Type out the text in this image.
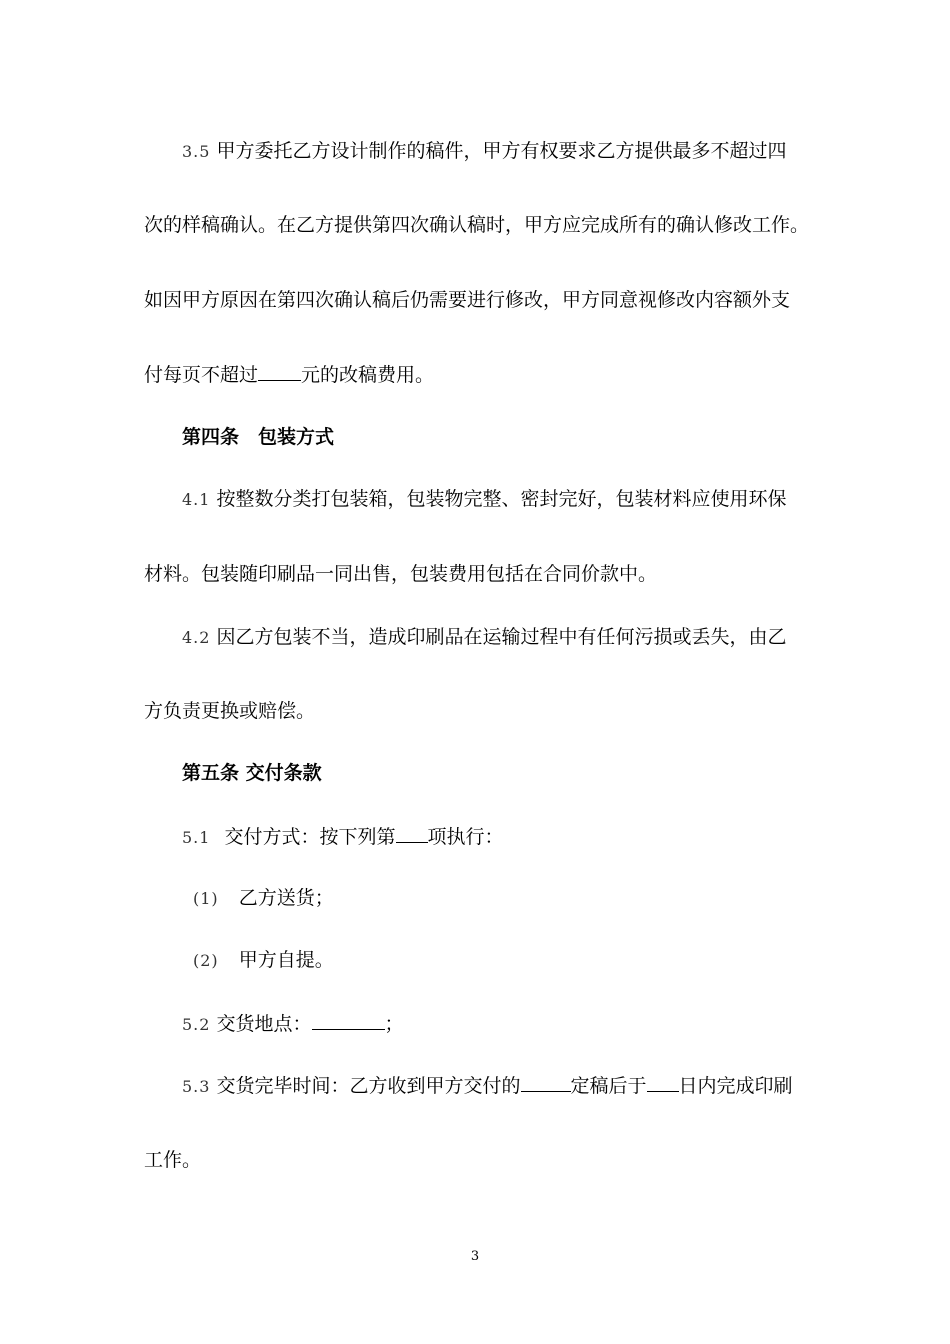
3.5 甲方委托乙方设计制作的稿件，甲方有权要求乙方提供最多不超过四
次的样稿确认。在乙方提供第四次确认稿时，甲方应完成所有的确认修改工作。
如因甲方原因在第四次确认稿后仍需要进行修改，甲方同意视修改内容额外支
付每页不超过 元的改稿费用。
第四条　包装方式
4.1 按整数分类打包装箱，包装物完整、密封完好，包装材料应使用环保
材料。包装随印刷品一同出售，包装费用包括在合同价款中。
4.2 因乙方包装不当，造成印刷品在运输过程中有任何污损或丢失，由乙
方负责更换或赔偿。
第五条 交付条款
5.1 交付方式：按下列第 项执行：
(1) 乙方送货；
(2) 甲方自提。
5.2 交货地点：	；
5.3 交货完毕时间：乙方收到甲方交付的	定稿后于 日内完成印刷
工作。
3
